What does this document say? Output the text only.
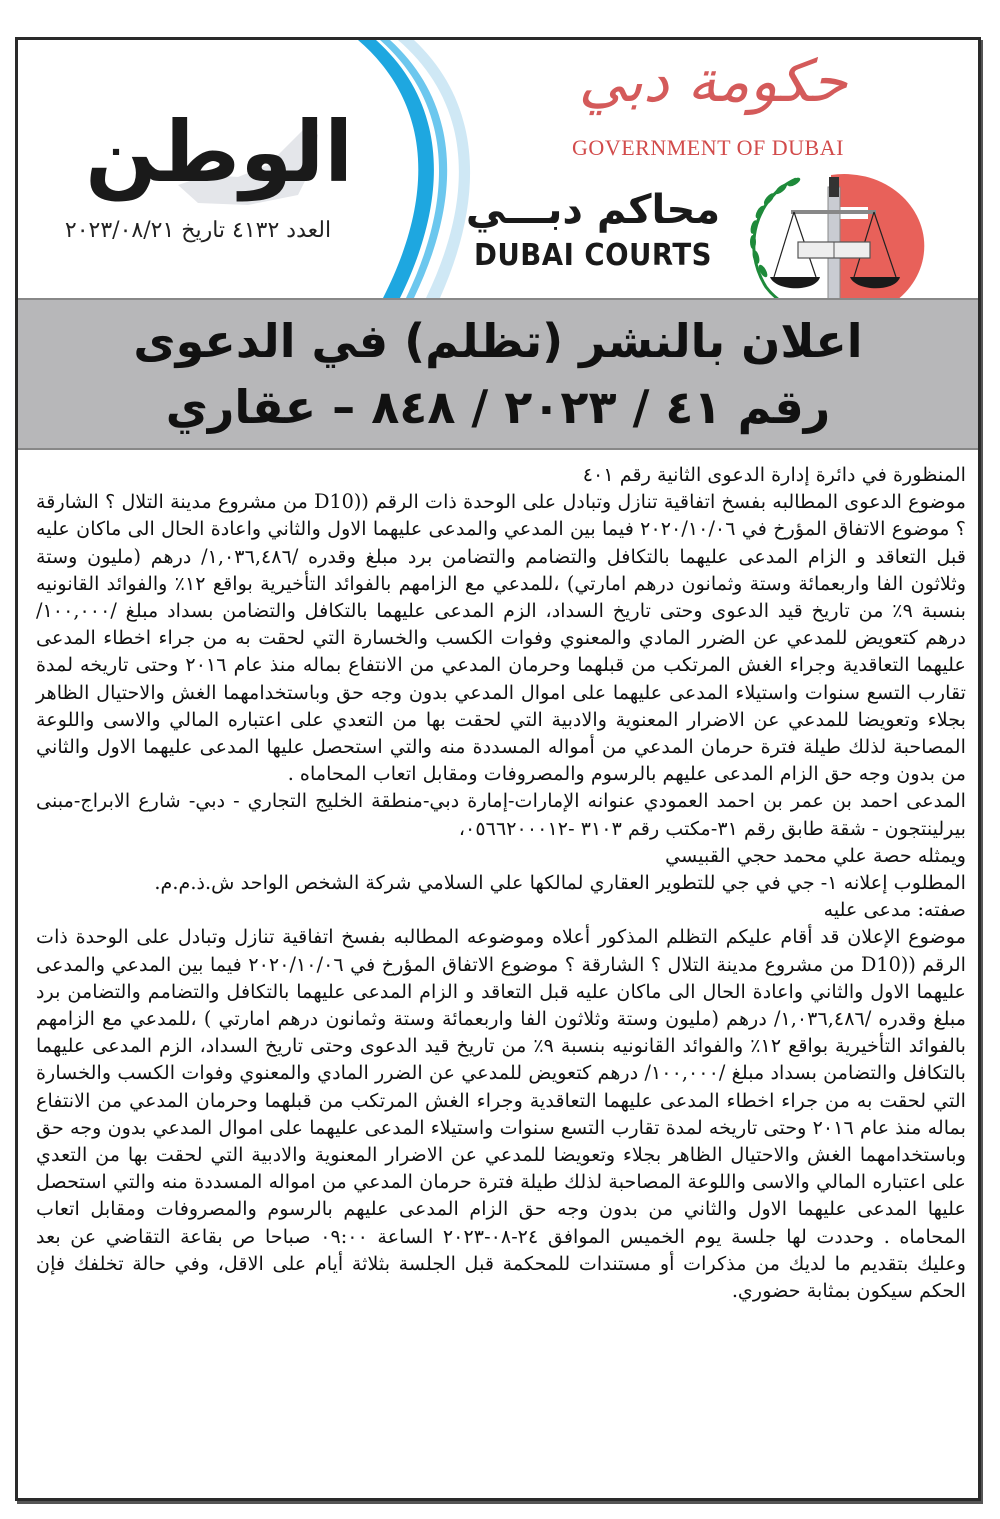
الوطن
العدد ٤١٣٢ تاريخ ٢٠٢٣/٠٨/٢١
حكومة دبي
GOVERNMENT OF DUBAI
محاكم دبـــي
DUBAI COURTS
اعلان بالنشر (تظلم) في الدعوى
رقم ٤١ / ٢٠٢٣ / ٨٤٨ – عقاري

المنظورة في دائرة إدارة الدعوى الثانية رقم ٤٠١

موضوع الدعوى المطالبه بفسخ اتفاقية تنازل وتبادل على الوحدة ذات الرقم ((D10 من مشروع مدينة التلال ؟ الشارقة ؟ موضوع الاتفاق المؤرخ في ٢٠٢٠/١٠/٠٦ فيما بين المدعي والمدعى عليهما الاول والثاني واعادة الحال الى ماكان عليه قبل التعاقد و الزام المدعى عليهما بالتكافل والتضامم والتضامن برد مبلغ وقدره /١,٠٣٦,٤٨٦/ درهم (مليون وستة وثلاثون الفا واربعمائة وستة وثمانون درهم امارتي) ،للمدعي مع الزامهم بالفوائد التأخيرية بواقع ١٢٪ والفوائد القانونيه بنسبة ٩٪ من تاريخ قيد الدعوى وحتى تاريخ السداد، الزم المدعى عليهما بالتكافل والتضامن بسداد مبلغ /١٠٠,٠٠٠/ درهم كتعويض للمدعي عن الضرر المادي والمعنوي وفوات الكسب والخسارة التي لحقت به من جراء اخطاء المدعى عليهما التعاقدية وجراء الغش المرتكب من قبلهما وحرمان المدعي من الانتفاع بماله منذ عام ٢٠١٦ وحتى تاريخه لمدة تقارب التسع سنوات واستيلاء المدعى عليهما على اموال المدعي بدون وجه حق وباستخدامهما الغش والاحتيال الظاهر بجلاء وتعويضا للمدعي عن الاضرار المعنوية والادبية التي لحقت بها من التعدي على اعتباره المالي والاسى واللوعة المصاحبة لذلك طيلة فترة حرمان المدعي من أمواله المسددة منه والتي استحصل عليها المدعى عليهما الاول والثاني من بدون وجه حق الزام المدعى عليهم بالرسوم والمصروفات ومقابل اتعاب المحاماه .

المدعى احمد بن عمر بن احمد العمودي عنوانه الإمارات-إمارة دبي-منطقة الخليج التجاري - دبي- شارع الابراج-مبنى بيرلينتجون - شقة طابق رقم ٣١-مكتب رقم ٣١٠٣ -٠٥٦٦٢٠٠٠١٢،

ويمثله حصة علي محمد حجي القبيسي

المطلوب إعلانه ١- جي في جي للتطوير العقاري لمالكها علي السلامي شركة الشخص الواحد ش.ذ.م.م.

صفته: مدعى عليه

موضوع الإعلان قد أقام عليكم التظلم المذكور أعلاه وموضوعه المطالبه بفسخ اتفاقية تنازل وتبادل على الوحدة ذات الرقم ((D10 من مشروع مدينة التلال ؟ الشارقة ؟ موضوع الاتفاق المؤرخ في ٢٠٢٠/١٠/٠٦ فيما بين المدعي والمدعى عليهما الاول والثاني واعادة الحال الى ماكان عليه قبل التعاقد و الزام المدعى عليهما بالتكافل والتضامم والتضامن برد مبلغ وقدره /١,٠٣٦,٤٨٦/ درهم (مليون وستة وثلاثون الفا واربعمائة وستة وثمانون درهم امارتي ) ،للمدعي مع الزامهم بالفوائد التأخيرية بواقع ١٢٪ والفوائد القانونيه بنسبة ٩٪ من تاريخ قيد الدعوى وحتى تاريخ السداد، الزم المدعى عليهما بالتكافل والتضامن بسداد مبلغ /١٠٠,٠٠٠/ درهم كتعويض للمدعي عن الضرر المادي والمعنوي وفوات الكسب والخسارة التي لحقت به من جراء اخطاء المدعى عليهما التعاقدية وجراء الغش المرتكب من قبلهما وحرمان المدعي من الانتفاع بماله منذ عام ٢٠١٦ وحتى تاريخه لمدة تقارب التسع سنوات واستيلاء المدعى عليهما على اموال المدعي بدون وجه حق وباستخدامهما الغش والاحتيال الظاهر بجلاء وتعويضا للمدعي عن الاضرار المعنوية والادبية التي لحقت بها من التعدي على اعتباره المالي والاسى واللوعة المصاحبة لذلك طيلة فترة حرمان المدعي من امواله المسددة منه والتي استحصل عليها المدعى عليهما الاول والثاني من بدون وجه حق الزام المدعى عليهم بالرسوم والمصروفات ومقابل اتعاب المحاماه . وحددت لها جلسة يوم الخميس الموافق ٢٤-٠٨-٢٠٢٣ الساعة ٠٩:٠٠ صباحا ص بقاعة التقاضي عن بعد وعليك بتقديم ما لديك من مذكرات أو مستندات للمحكمة قبل الجلسة بثلاثة أيام على الاقل، وفي حالة تخلفك فإن الحكم سيكون بمثابة حضوري.
